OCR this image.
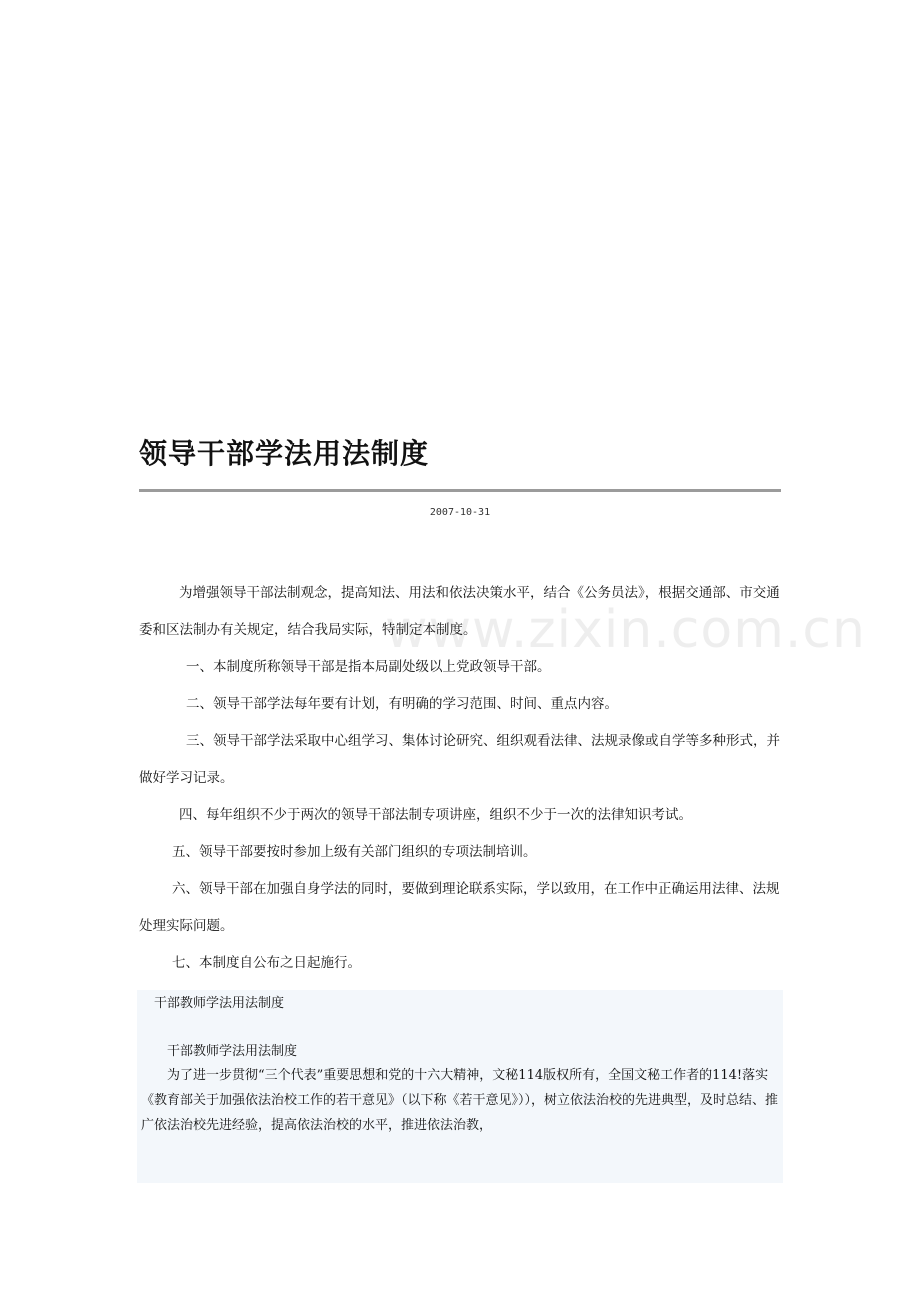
领导干部学法用法制度
2007-10-31
www.zixin.com.cn

为增强领导干部法制观念，提高知法、用法和依法决策水平，结合《公务员法》，根据交通部、市交通委和区法制办有关规定，结合我局实际，特制定本制度。

一、本制度所称领导干部是指本局副处级以上党政领导干部。

二、领导干部学法每年要有计划，有明确的学习范围、时间、重点内容。

三、领导干部学法采取中心组学习、集体讨论研究、组织观看法律、法规录像或自学等多种形式，并做好学习记录。

四、每年组织不少于两次的领导干部法制专项讲座，组织不少于一次的法律知识考试。

五、领导干部要按时参加上级有关部门组织的专项法制培训。

六、领导干部在加强自身学法的同时，要做到理论联系实际，学以致用，在工作中正确运用法律、法规处理实际问题。

七、本制度自公布之日起施行。

干部教师学法用法制度
干部教师学法用法制度
为了进一步贯彻“三个代表”重要思想和党的十六大精神，文秘114版权所有，全国文秘工作者的114!落实《教育部关于加强依法治校工作的若干意见》（以下称《若干意见》）），树立依法治校的先进典型，及时总结、推广依法治校先进经验，提高依法治校的水平，推进依法治教，
